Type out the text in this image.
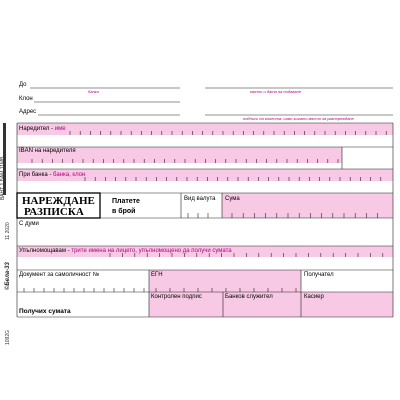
До
банка	място и дата на подаване
Клон
Адрес
подпись на клиента, само когато място за разпореждане
ВАНТ 1 БАМ 11МВ
11 2020
©Бела-33
1092G
Наредител - име
IBAN на наредителя
При банка - банка, клон
НАРЕЖДАНЕ
РАЗПИСКА
Платете
в брой
Вид валута Сума
С думи
Упълномощавам - трите имена на лицето, упълномощено да получи сумата
Документ за самоличност №	ЕГН	Получател
Получих сумата
Контролен подпис	Банков служител	Касиер
